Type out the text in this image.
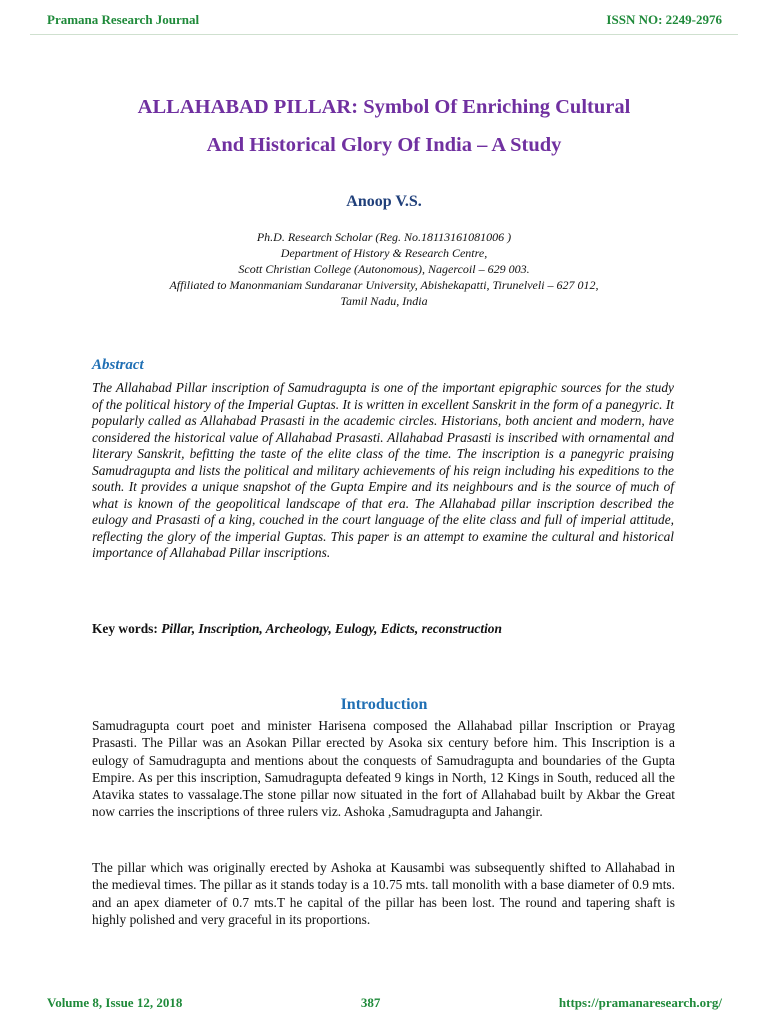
Pramana Research Journal	ISSN NO: 2249-2976
ALLAHABAD PILLAR: Symbol Of Enriching Cultural
And Historical Glory Of India – A Study
Anoop V.S.
Ph.D. Research Scholar (Reg. No.18113161081006 )
Department of History & Research Centre,
Scott Christian College (Autonomous), Nagercoil – 629 003.
Affiliated to Manonmaniam Sundaranar University, Abishekapatti, Tirunelveli – 627 012,
Tamil Nadu, India
Abstract

The Allahabad Pillar inscription of Samudragupta is one of the important epigraphic sources for the study of the political history of the Imperial Guptas. It is written in excellent Sanskrit in the form of a panegyric. It popularly called as Allahabad Prasasti in the academic circles. Historians, both ancient and modern, have considered the historical value of Allahabad Prasasti. Allahabad Prasasti is inscribed with ornamental and literary Sanskrit, befitting the taste of the elite class of the time. The inscription is a panegyric praising Samudragupta and lists the political and military achievements of his reign including his expeditions to the south. It provides a unique snapshot of the Gupta Empire and its neighbours and is the source of much of what is known of the geopolitical landscape of that era. The Allahabad pillar inscription described the eulogy and Prasasti of a king, couched in the court language of the elite class and full of imperial attitude, reflecting the glory of the imperial Guptas. This paper is an attempt to examine the cultural and historical importance of Allahabad Pillar inscriptions.

Key words: Pillar, Inscription, Archeology, Eulogy, Edicts, reconstruction
Introduction

Samudragupta court poet and minister Harisena composed the Allahabad pillar Inscription or Prayag Prasasti. The Pillar was an Asokan Pillar erected by Asoka six century before him. This Inscription is a eulogy of Samudragupta and mentions about the conquests of Samudragupta and boundaries of the Gupta Empire. As per this inscription, Samudragupta defeated 9 kings in North, 12 Kings in South, reduced all the Atavika states to vassalage.The stone pillar now situated in the fort of Allahabad built by Akbar the Great now carries the inscriptions of three rulers viz. Ashoka ,Samudragupta and Jahangir.

The pillar which was originally erected by Ashoka at Kausambi was subsequently shifted to Allahabad in the medieval times. The pillar as it stands today is a 10.75 mts. tall monolith with a base diameter of 0.9 mts. and an apex diameter of 0.7 mts.T he capital of the pillar has been lost. The round and tapering shaft is highly polished and very graceful in its proportions.

Volume 8, Issue 12, 2018	387	https://pramanaresearch.org/
